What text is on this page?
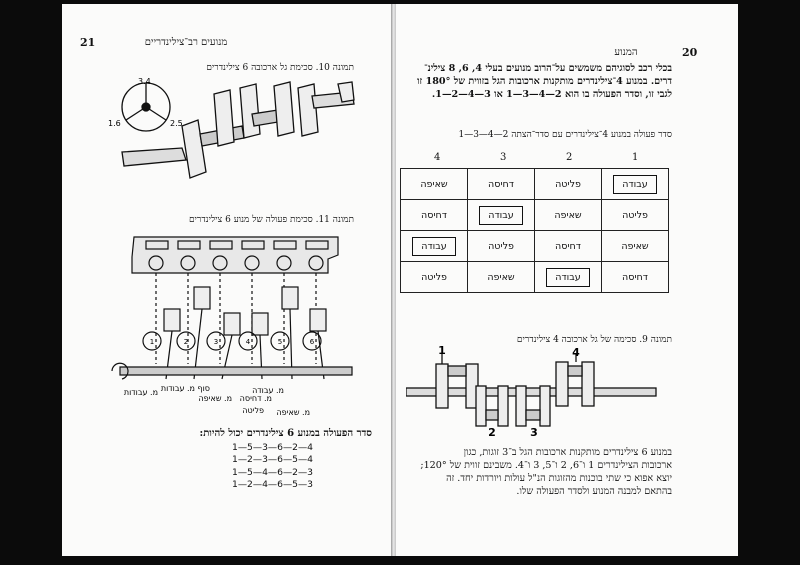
21	מנועים רב־צילינדריים
תמונה 10. סכימת גל ארכובה 6 צילינדרים
3.4
1.6	2.5
תמונה 11. סכימת פעולה של מנוע 6 צילינדרים
1	2	3	4	5	6
מ. עבודה
סוף מ. עבודות
מ. שאיפה מ. דחיסה
מ. עבודות
פליטה מ. שאיפה
סדר הפעולה במנוע 6 צילינדרים יכול להיות:
1—5—3—6—2—4
1—2—3—6—5—4
1—5—4—6—2—3
1—2—4—6—5—3
20
המנוע
בכלי רכב לסוגיהם משמשים על־הרוב מנועים בעלי 4, 6, 8 צילינ־
דרים. במנוע 4־צילינדרים מותקנות ארכובות הגל בזווית של 180° זו
לגבי זו, וסדר הפעולה בו הוא 2—4—3—1 או 3—4—2—1.
סדר פעולה במנוע 4־צילינדרים עם סדר־הצתה 2—4—3—1
4	3	2	1
עבודה	פליטה	דחיסה	שאיפה
פליטה	שאיפה	עבודה	דחיסה
שאיפה	דחיסה	פליטה	עבודה
דחיסה	עבודה	שאיפה	פליטה
תמונה 9. סכימה של גל ארכובה 4 צילינדרים
1	4
2	3
במנוע 6 צילינדרים מותקנות ארכובות הגל ב־3 זוגות, כגון
ארכובות הצילינדרים 1 ו־6, 2 ו־5, 3 ו־4. משבינם זווית של 120°;
יוצא אפוא כי שתי בוכנות מהזוגות הנ"ל עולות ויורדות יחד. זה
בהתאם למבנה המנוע ולסדר הפעולה שלו.
